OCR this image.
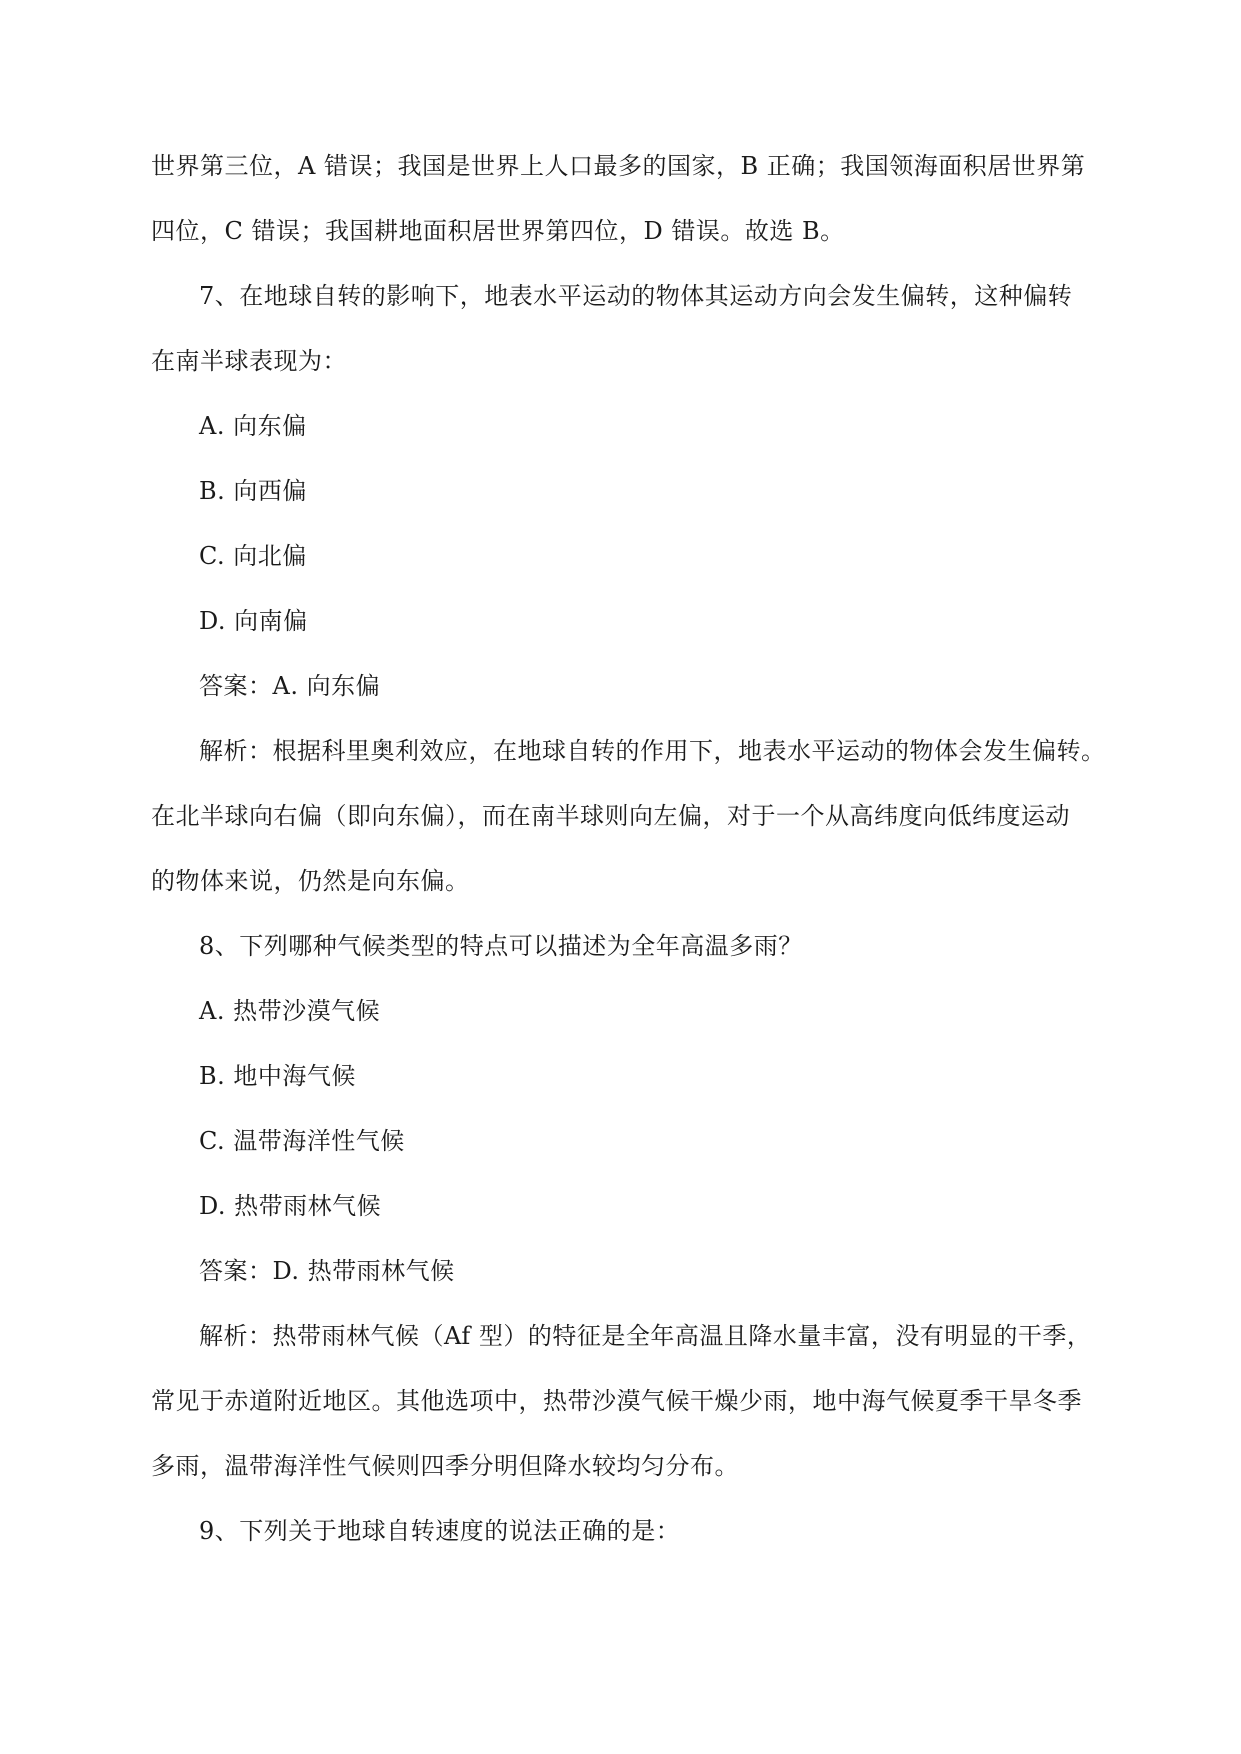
世界第三位，A 错误；我国是世界上人口最多的国家，B 正确；我国领海面积居世界第
四位，C 错误；我国耕地面积居世界第四位，D 错误。故选 B。
7、在地球自转的影响下，地表水平运动的物体其运动方向会发生偏转，这种偏转
在南半球表现为：
A. 向东偏
B. 向西偏
C. 向北偏
D. 向南偏
答案：A. 向东偏
解析：根据科里奥利效应，在地球自转的作用下，地表水平运动的物体会发生偏转。
在北半球向右偏（即向东偏），而在南半球则向左偏，对于一个从高纬度向低纬度运动
的物体来说，仍然是向东偏。
8、下列哪种气候类型的特点可以描述为全年高温多雨？
A. 热带沙漠气候
B. 地中海气候
C. 温带海洋性气候
D. 热带雨林气候
答案：D. 热带雨林气候
解析：热带雨林气候（Af 型）的特征是全年高温且降水量丰富，没有明显的干季，
常见于赤道附近地区。其他选项中，热带沙漠气候干燥少雨，地中海气候夏季干旱冬季
多雨，温带海洋性气候则四季分明但降水较均匀分布。
9、下列关于地球自转速度的说法正确的是：
